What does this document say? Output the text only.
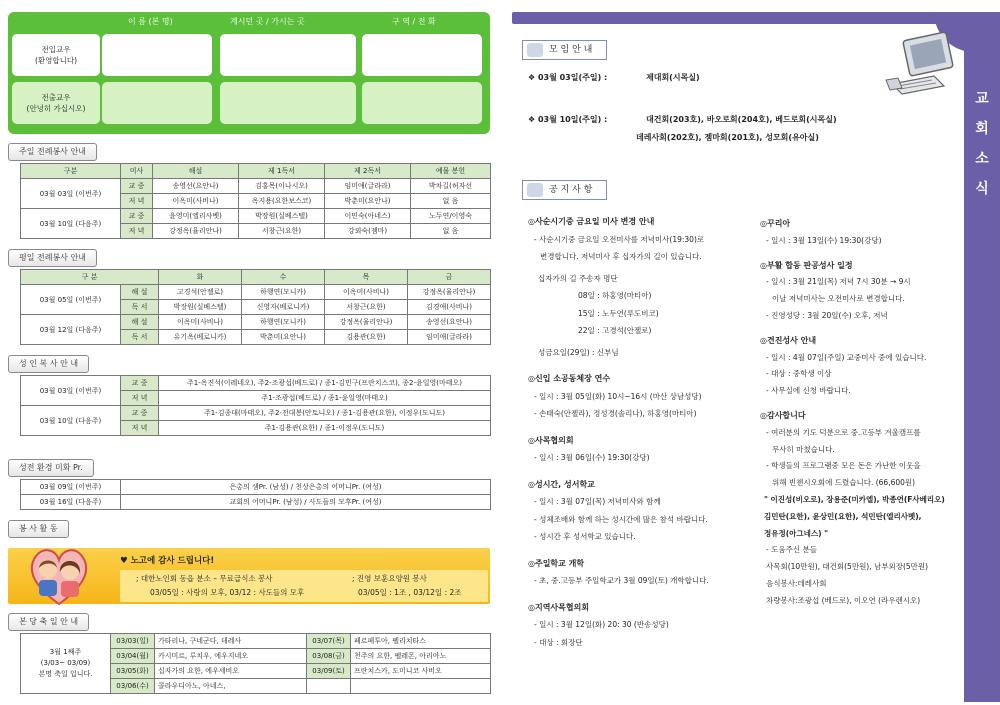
이 름 (본 명)	계시던 곳 / 가시는 곳	구 역 / 전 화
전입교우
(환영합니다)
전출교우
(안녕히 가십시오)
주일 전례봉사 안내
구분	미사	해설	제 1독서	제 2독서	예물 봉헌
03월 03일 (이번주)	교 중	송영선(요안나)	김홍목(이나시오)	임미애(글라라)	박차길(허자선
	저 녁	이옥미(사비나)	옥지용(요한보스코)	박춘미(요안나)	없 음
03월 10일 (다음주)	교 중	윤영미(엘리사벳)	박장원(실베스텔)	이민숙(아네스)	노두연/이영숙
	저 녁	강정옥(율리안나)	서창근(요한)	강외숙(젬마)	없 음
평일 전례봉사 안내
구 분		화	수	목	금
03월 05일 (이번주)	해 설	고경석(안젤로)	하행연(모니카)	이옥미(사비나)	강정옥(율리안나)
	독 서	박장원(실베스텔)	신영자(베로니카)	서창근(요한)	김경애(사비나)
03월 12일 (다음주)	해 설	이옥미(사비나)	하행연(모니카)	강정옥(율리안나)	송영선(요안나)
	독 서	유기옥(베로니카)	박춘미(요안나)	김용관(요한)	임미애(글라라)
성 인 복 사 안 내
03월 03일 (이번주)	교 중	주1-옥진석(이레네오), 주2-조광섭(베드로) / 종1-김민구(프란치스코), 종2-윤일영(마태오)
	저 녁	주1-조광섭(베드로) / 종1-윤일영(마태오)
03월 10일 (다음주)	교 중	주1-김종대(마태오), 주2-전대봉(안토니오) / 종1-김용관(요한), 이정우(도니도)
	저 녁	주1-김용관(요한) / 종1-이정우(도니도)
성전 환경 미화 Pr.
03월 09일 (이번주)	은총의 샘Pr. (남성) / 천상은총의 어머니Pr. (여성)
03월 16일 (다음주)	교회의 어머니Pr. (남성) / 사도들의 모후Pr. (여성)
봉 사 활 동
♥ 노고에 감사 드립니다!
; 대한노인회 동읍 분소 – 무료급식소 봉사
03/05일 : 사랑의 모후, 03/12 : 사도들의 모후
; 진영 보훈요양원 봉사
03/05일 : 1조 , 03/12일 : 2조
본 당 축 일 안 내
3월 1째주
(3/03~ 03/09)
본명 축일 입니다.	03/03(일)	가타리나, 구네군다, 데레사	03/07(목)	페르페투아, 펠리치타스
	03/04(월)	카시미르, 루치우, 에우지네오	03/08(금)	천주의 요한, 펠레몬, 아리아노
	03/05(화)	십자가의 요한, 에우세비오	03/09(토)	프란치스카, 도미니코 사비오
	03/06(수)	콜라우디아노, 아네스,		
교
회
소
식
모 임 안 내
❖ 03월 03일(주일) :	제대회(시목실)
❖ 03월 10일(주일) :	대건회(203호), 바오로회(204호), 베드로회(시목실)
데레사회(202호), 젬마회(201호), 성모회(유아실)
공 지 사 항
◎사순시기중 금요일 미사 변경 안내
- 사순시기중 금요일 오전미사를 저녁미사(19:30)로
변경합니다. 저녁미사 후 십자가의 길이 있습니다.
십자가의 길 주송자 명단
08일 : 하홍영(마티아)
15일 : 노두연(루도비코)
22일 : 고경석(안젤로)
성금요일(29일) : 신부님
◎신입 소공동체장 연수
- 일시 : 3월 05일(화) 10시~16시 (마산 상남성당)
- 손태숙(안젤라), 정성경(솔리나), 하홍영(마티아)
◎사목협의회
- 일시 : 3월 06일(수) 19:30(강당)
◎성시간, 성서학교
- 일시 : 3월 07일(목) 저녁미사와 함께
- 성체조배와 함께 하는 성시간에 많은 참석 바랍니다.
- 성시간 후 성서학교 있습니다.
◎주일학교 개학
- 초, 중.고등부 주일학교가 3월 09일(토) 개학합니다.
◎지역사목협의회
- 일시 : 3월 12일(화) 20: 30 (반송성당)
- 대상 : 회장단
◎꾸리아
- 일시 : 3월 13일(수) 19:30(강당)
◎부활 합동 판공성사 일정
- 일시 : 3월 21일(목) 저녁 7시 30분 → 9시
이날 저녁미사는 오전미사로 변경합니다.
- 진영성당 : 3월 20일(수) 오후, 저녁
◎견진성사 안내
- 일시 : 4월 07일(주일) 교중미사 중에 있습니다.
- 대상 : 중학생 이상
- 사무실에 신청 바랍니다.
◎감사합니다
- 여러분의 기도 덕분으로 중.고등부 겨울캠프를
무사히 마쳤습니다.
- 학생들의 프로그램중 모은 돈은 가난한 이웃을
위해 빈첸시오회에 드렸습니다. (66,600원)
" 이진성(비오로), 장용준(미카엘), 박종연(F사베리오)
김민탄(요한), 윤상민(요한), 석민탄(엘리사벳),
정유정(아그네스) "
- 도움주신 분들
사목회(10만원), 대건회(5만원), 남부외장(5만원)
음식봉사:데레사회
차량봉사:조광섭 (베드로), 이오연 (라우렌시오)
